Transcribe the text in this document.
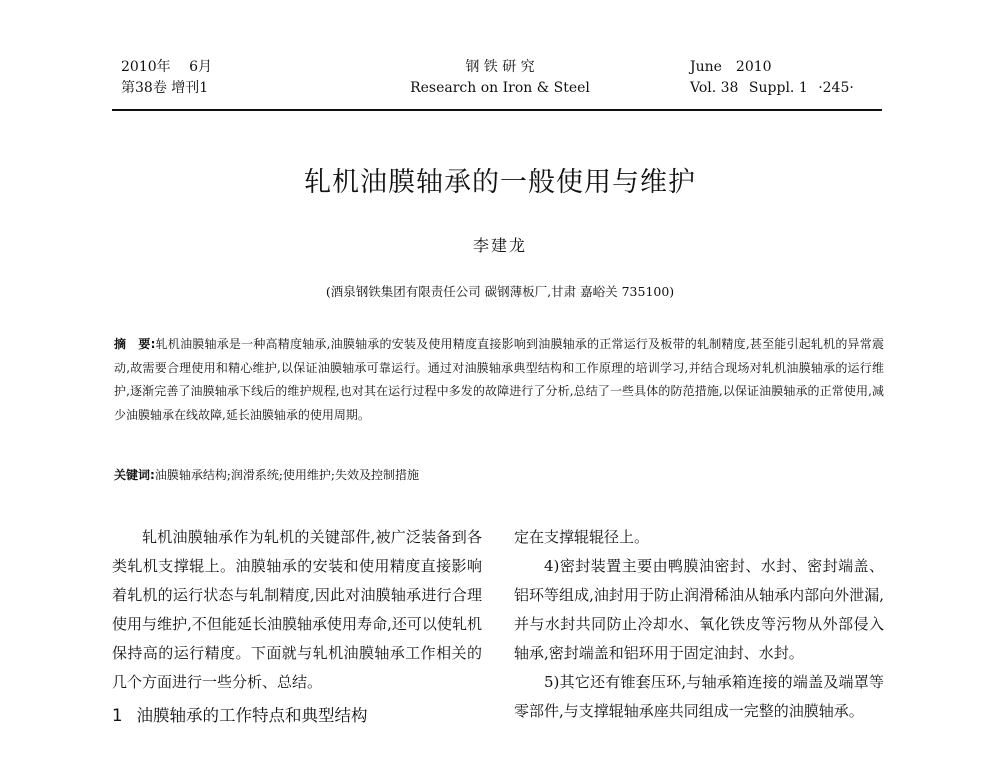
2010年　 6月
第38卷 增刊1
钢 铁 研 究
Research on Iron & Steel
June　2010
Vol. 38 Suppl. 1 ·245·
轧机油膜轴承的一般使用与维护
李建龙
(酒泉钢铁集团有限责任公司 碳钢薄板厂,甘肃 嘉峪关 735100)
摘　要:轧机油膜轴承是一种高精度轴承,油膜轴承的安装及使用精度直接影响到油膜轴承的正常运行及板带的轧制精度,甚至能引起轧机的异常震动,故需要合理使用和精心维护,以保证油膜轴承可靠运行。通过对油膜轴承典型结构和工作原理的培训学习,并结合现场对轧机油膜轴承的运行维护,逐渐完善了油膜轴承下线后的维护规程,也对其在运行过程中多发的故障进行了分析,总结了一些具体的防范措施,以保证油膜轴承的正常使用,减少油膜轴承在线故障,延长油膜轴承的使用周期。
关键词:油膜轴承结构;润滑系统;使用维护;失效及控制措施

轧机油膜轴承作为轧机的关键部件,被广泛装备到各类轧机支撑辊上。油膜轴承的安装和使用精度直接影响着轧机的运行状态与轧制精度,因此对油膜轴承进行合理使用与维护,不但能延长油膜轴承使用寿命,还可以使轧机保持高的运行精度。下面就与轧机油膜轴承工作相关的几个方面进行一些分析、总结。

1 油膜轴承的工作特点和典型结构

定在支撑辊辊径上。

4)密封装置主要由鸭膜油密封、水封、密封端盖、铝环等组成,油封用于防止润滑稀油从轴承内部向外泄漏,并与水封共同防止冷却水、氧化铁皮等污物从外部侵入轴承,密封端盖和铝环用于固定油封、水封。

5)其它还有锥套压环,与轴承箱连接的端盖及端罩等零部件,与支撑辊轴承座共同组成一完整的油膜轴承。
